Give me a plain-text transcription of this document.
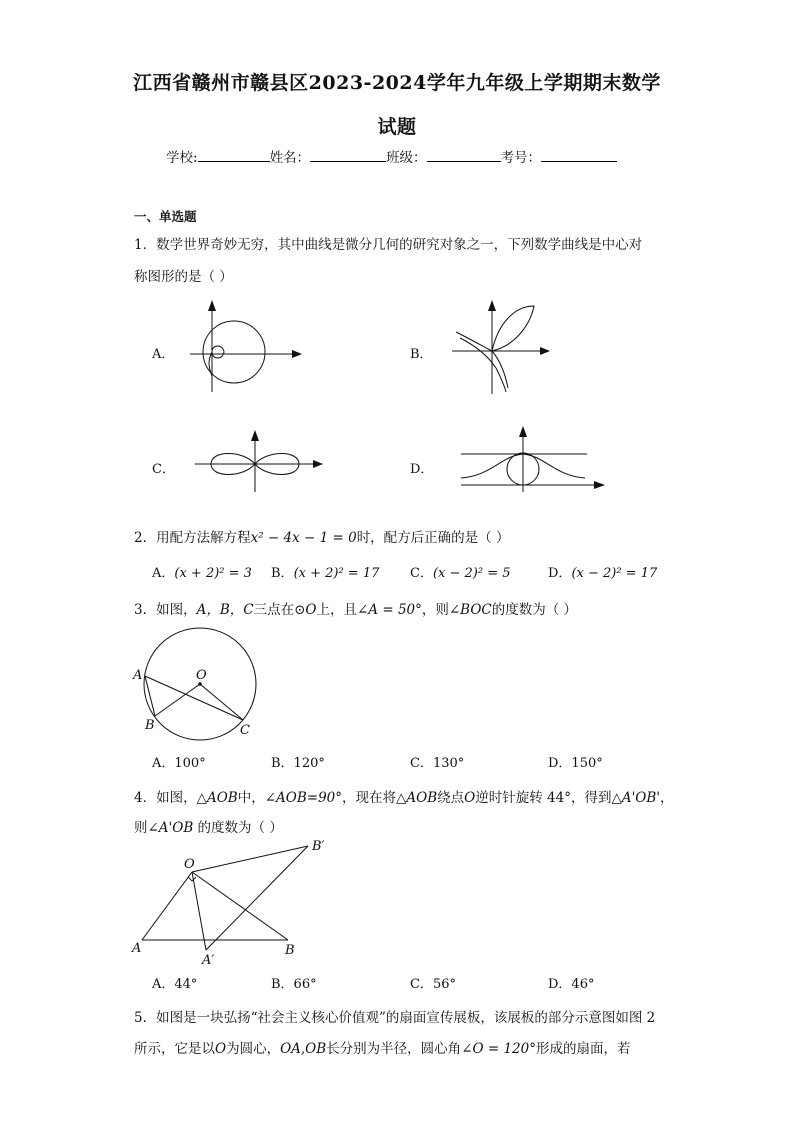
江西省赣州市赣县区2023-2024学年九年级上学期期末数学
试题
学校:	姓名：	班级：	考号：
一、单选题
1．数学世界奇妙无穷，其中曲线是微分几何的研究对象之一，下列数学曲线是中心对
称图形的是（ ）
A．	B．
C．	D．
2．用配方法解方程x² − 4x − 1 = 0时，配方后正确的是（ ）
A．(x + 2)² = 3 B．(x + 2)² = 17 C．(x − 2)² = 5	D．(x − 2)² = 17
3．如图，A，B，C三点在⊙O上，且∠A = 50°，则∠BOC的度数为（ ）
A	O
B	C
A．100°	B．120°	C．130°	D．150°
4．如图，△AOB中，∠AOB=90°，现在将△AOB绕点O逆时针旋转 44°，得到△A'OB'，
则∠A'OB 的度数为（ ）
O
B′
A
A′
B
A．44°	B．66°	C．56°	D．46°
5．如图是一块弘扬“社会主义核心价值观”的扇面宣传展板，该展板的部分示意图如图 2
所示，它是以O为圆心，OA,OB长分别为半径，圆心角∠O = 120°形成的扇面，若
